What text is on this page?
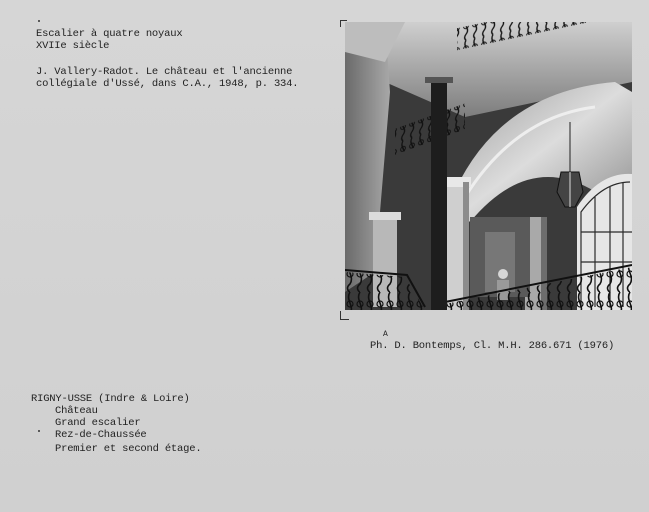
Escalier à quatre noyaux
XVIIe siècle
J. Vallery-Radot. Le château et l'ancienne
collégiale d'Ussé, dans C.A., 1948, p. 334.
A
Ph. D. Bontemps, Cl. M.H. 286.671 (1976)
RIGNY-USSE (Indre & Loire)
Château
Grand escalier
Rez-de-Chaussée
Premier et second étage.
